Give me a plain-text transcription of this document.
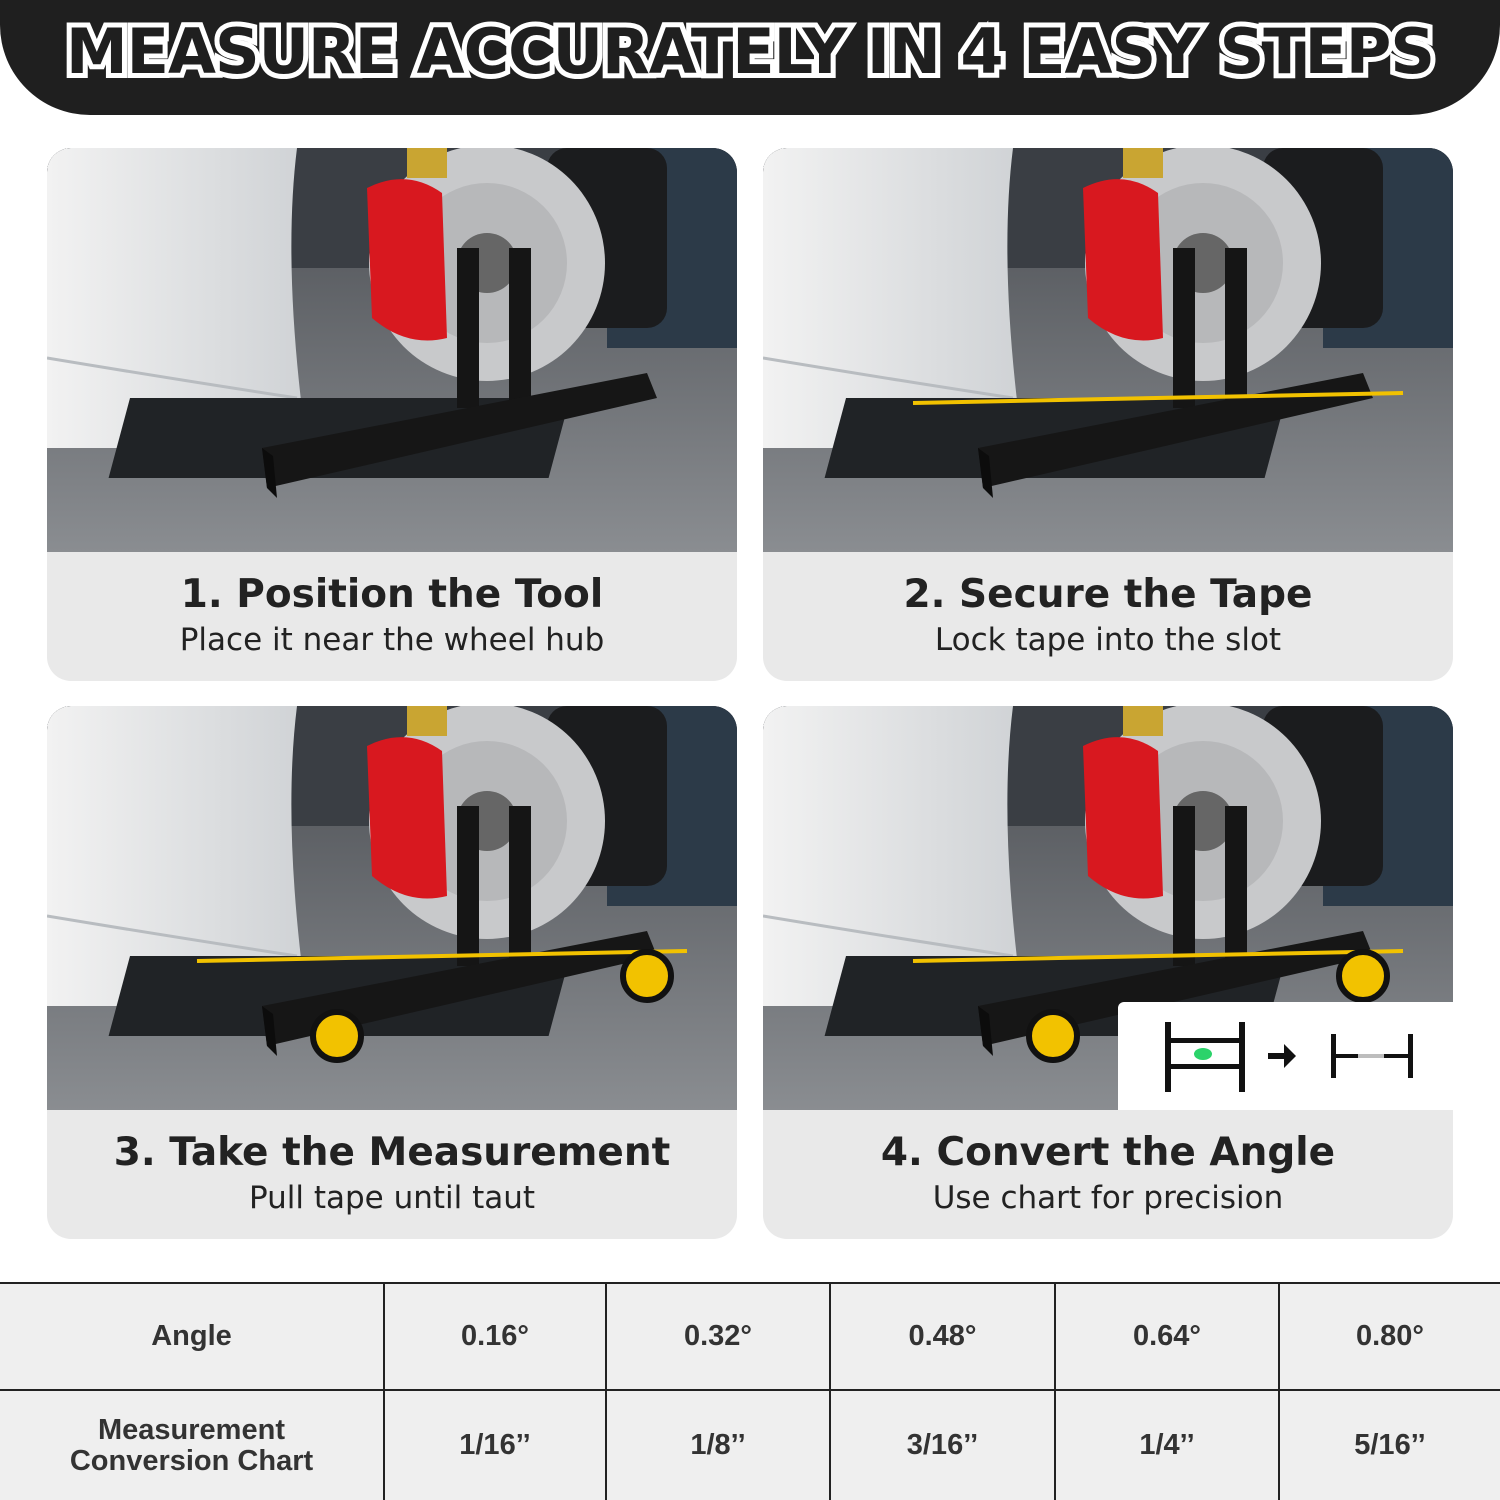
MEASURE ACCURATELY IN 4 EASY STEPS
1. Position the Tool
Place it near the wheel hub
2. Secure the Tape
Lock tape into the slot
3. Take the Measurement
Pull tape until taut
4. Convert the Angle
Use chart for precision
Angle	0.16°	0.32°	0.48°	0.64°	0.80°

Measurement
Conversion Chart	1/16’’	1/8’’	3/16’’	1/4’’	5/16’’
